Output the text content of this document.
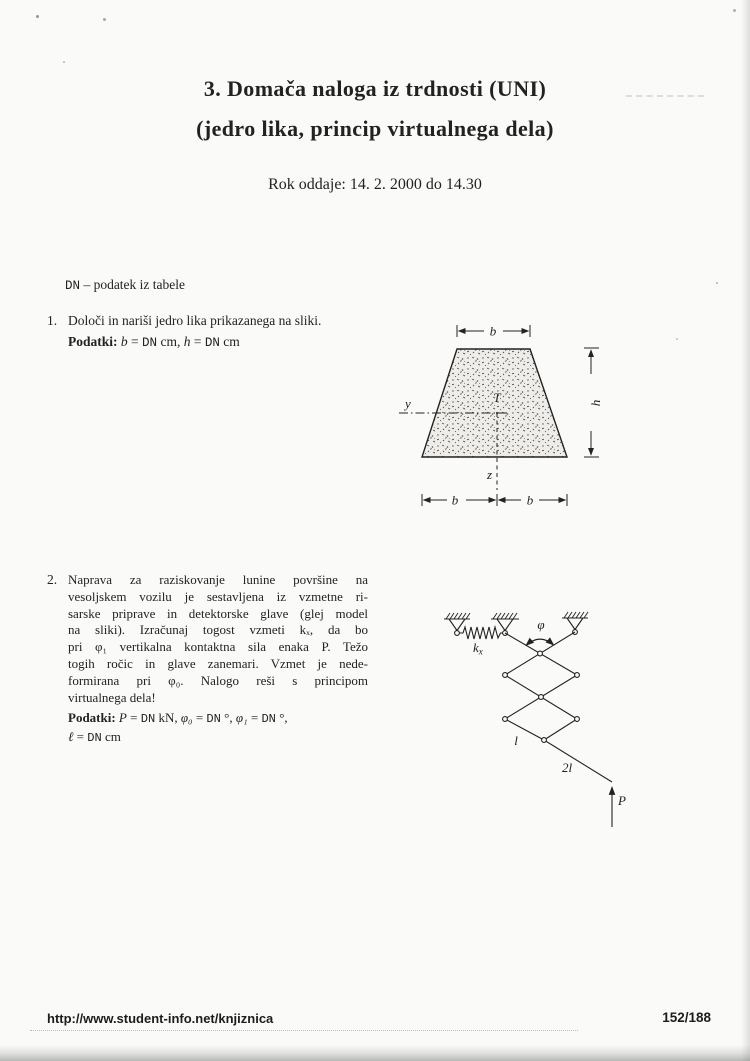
3. Domača naloga iz trdnosti (UNI)
(jedro lika, princip virtualnega dela)
Rok oddaje: 14. 2. 2000 do 14.30
DN – podatek iz tabele
1. Določi in nariši jedro lika prikazanega na sliki.
Podatki: b = DN cm, h = DN cm
b
h
y	T
z
b	b
2. Naprava za raziskovanje lunine površine na
vesoljskem vozilu je sestavljena iz vzmetne ri-
sarske priprave in detektorske glave (glej model
na sliki). Izračunaj togost vzmeti kₓ, da bo
pri φ₁ vertikalna kontaktna sila enaka P. Težo
togih ročic in glave zanemari. Vzmet je nede-
formirana pri φ₀. Nalogo reši s principom
virtualnega dela!
Podatki: P = DN kN, φ₀ = DN °, φ₁ = DN °,
ℓ = DN cm
kx
φ
l
2l
P
http://www.student-info.net/knjiznica	152/188
